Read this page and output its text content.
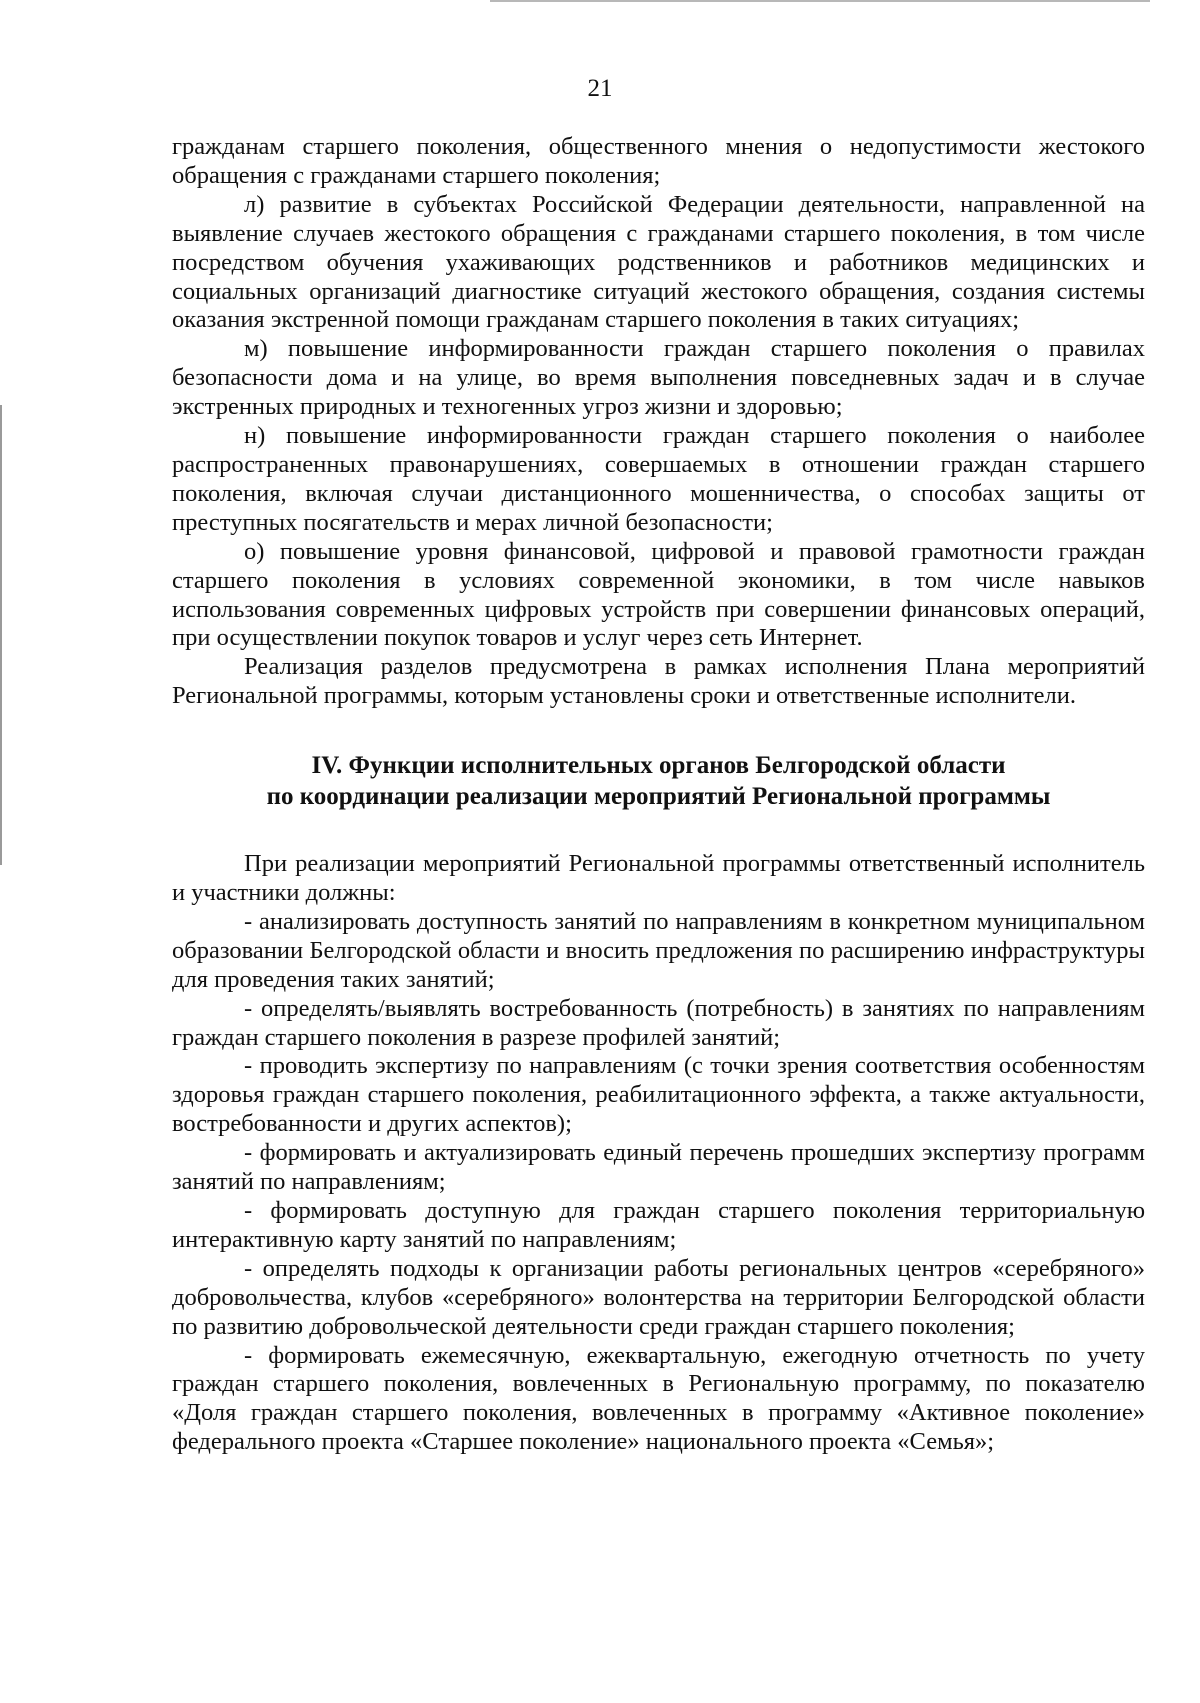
21

гражданам старшего поколения, общественного мнения о недопустимости жестокого обращения с гражданами старшего поколения;

л) развитие в субъектах Российской Федерации деятельности, направленной на выявление случаев жестокого обращения с гражданами старшего поколения, в том числе посредством обучения ухаживающих родственников и работников медицинских и социальных организаций диагностике ситуаций жестокого обращения, создания системы оказания экстренной помощи гражданам старшего поколения в таких ситуациях;

м) повышение информированности граждан старшего поколения о правилах безопасности дома и на улице, во время выполнения повседневных задач и в случае экстренных природных и техногенных угроз жизни и здоровью;

н) повышение информированности граждан старшего поколения о наиболее распространенных правонарушениях, совершаемых в отношении граждан старшего поколения, включая случаи дистанционного мошенничества, о способах защиты от преступных посягательств и мерах личной безопасности;

о) повышение уровня финансовой, цифровой и правовой грамотности граждан старшего поколения в условиях современной экономики, в том числе навыков использования современных цифровых устройств при совершении финансовых операций, при осуществлении покупок товаров и услуг через сеть Интернет.

Реализация разделов предусмотрена в рамках исполнения Плана мероприятий Региональной программы, которым установлены сроки и ответственные исполнители.

IV. Функции исполнительных органов Белгородской области
по координации реализации мероприятий Региональной программы

При реализации мероприятий Региональной программы ответственный исполнитель и участники должны:

- анализировать доступность занятий по направлениям в конкретном муниципальном образовании Белгородской области и вносить предложения по расширению инфраструктуры для проведения таких занятий;

- определять/выявлять востребованность (потребность) в занятиях по направлениям граждан старшего поколения в разрезе профилей занятий;

- проводить экспертизу по направлениям (с точки зрения соответствия особенностям здоровья граждан старшего поколения, реабилитационного эффекта, а также актуальности, востребованности и других аспектов);

- формировать и актуализировать единый перечень прошедших экспертизу программ занятий по направлениям;

- формировать доступную для граждан старшего поколения территориальную интерактивную карту занятий по направлениям;

- определять подходы к организации работы региональных центров «серебряного» добровольчества, клубов «серебряного» волонтерства на территории Белгородской области по развитию добровольческой деятельности среди граждан старшего поколения;

- формировать ежемесячную, ежеквартальную, ежегодную отчетность по учету граждан старшего поколения, вовлеченных в Региональную программу, по показателю «Доля граждан старшего поколения, вовлеченных в программу «Активное поколение» федерального проекта «Старшее поколение» национального проекта «Семья»;
